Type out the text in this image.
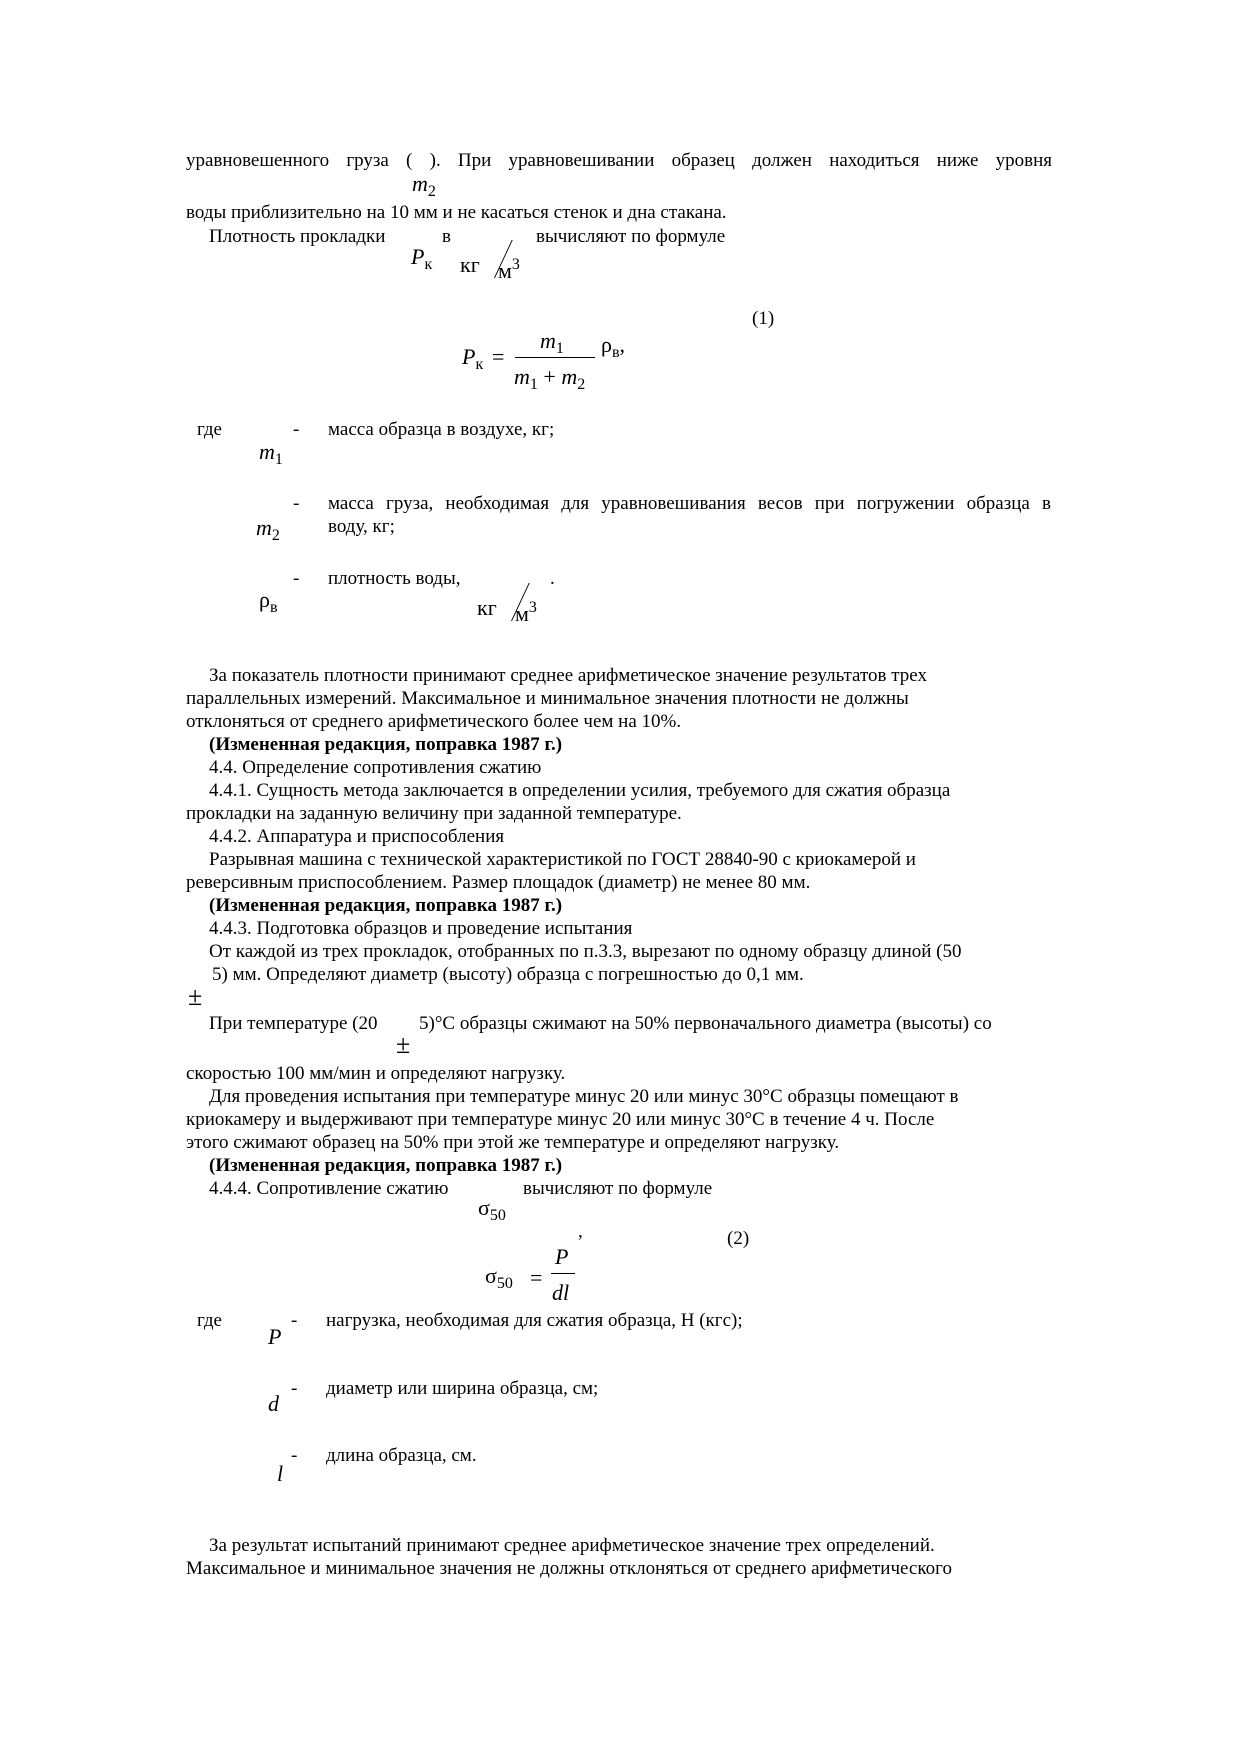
уравновешенного груза ( ). При уравновешивании образец должен находиться ниже уровня
$m_2$
воды приблизительно на 10 мм и не касаться стенок и дна стакана.
Плотность прокладки	в	вычисляют по формуле
$P_к$ кг $м^3$
(1)
$m_1$ $\rho_в$,
$P_к$ =
$m_1 + m_2$
где	- масса образца в воздухе, кг;
$m_1$
- масса груза, необходимая для уравновешивания весов при погружении образца в
воду, кг;
$m_2$
- плотность воды,	.
$\rho_в$	кг $м^3$
За показатель плотности принимают среднее арифметическое значение результатов трех
параллельных измерений. Максимальное и минимальное значения плотности не должны
отклоняться от среднего арифметического более чем на 10%.
(Измененная редакция, поправка 1987 г.)
4.4. Определение сопротивления сжатию
4.4.1. Сущность метода заключается в определении усилия, требуемого для сжатия образца
прокладки на заданную величину при заданной температуре.
4.4.2. Аппаратура и приспособления
Разрывная машина с технической характеристикой по ГОСТ 28840-90 с криокамерой и
реверсивным приспособлением. Размер площадок (диаметр) не менее 80 мм.
(Измененная редакция, поправка 1987 г.)
4.4.3. Подготовка образцов и проведение испытания
От каждой из трех прокладок, отобранных по п.3.3, вырезают по одному образцу длиной (50
5) мм. Определяют диаметр (высоту) образца с погрешностью до 0,1 мм.
±
При температуре (20 5)°С образцы сжимают на 50% первоначального диаметра (высоты) со
±
скоростью 100 мм/мин и определяют нагрузку.
Для проведения испытания при температуре минус 20 или минус 30°С образцы помещают в
криокамеру и выдерживают при температуре минус 20 или минус 30°С в течение 4 ч. После
этого сжимают образец на 50% при этой же температуре и определяют нагрузку.
(Измененная редакция, поправка 1987 г.)
4.4.4. Сопротивление сжатию	вычисляют по формуле
$\sigma_{50}$
,	(2)
P
$\sigma_{50}$ =
dl
где	- нагрузка, необходимая для сжатия образца, Н (кгс);
P
- диаметр или ширина образца, см;
d
- длина образца, см.
l
За результат испытаний принимают среднее арифметическое значение трех определений.
Максимальное и минимальное значения не должны отклоняться от среднего арифметического
